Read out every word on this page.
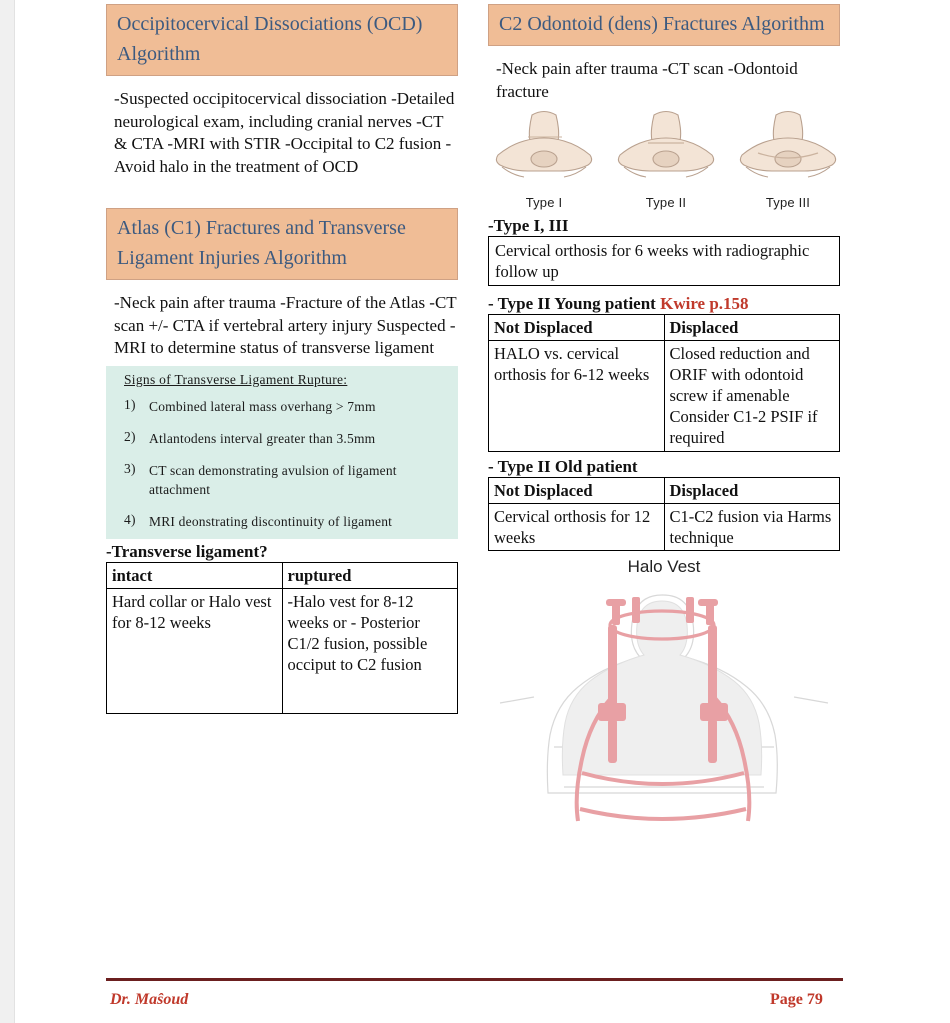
Occipitocervical Dissociations (OCD) Algorithm
-Suspected occipitocervical dissociation -Detailed neurological exam, including cranial nerves -CT & CTA -MRI with STIR -Occipital to C2 fusion -Avoid halo in the treatment of OCD
Atlas (C1) Fractures and Transverse Ligament Injuries Algorithm
-Neck pain after trauma -Fracture of the Atlas -CT scan +/- CTA if vertebral artery injury Suspected -MRI to determine status of transverse ligament
Signs of Transverse Ligament Rupture:
1) Combined lateral mass overhang > 7mm
2) Atlantodens interval greater than 3.5mm
3) CT scan demonstrating avulsion of ligament attachment
4) MRI deonstrating discontinuity of ligament
-Transverse ligament?
intact	ruptured
Hard collar or Halo vest for 8-12 weeks	-Halo vest for 8-12 weeks or - Posterior C1/2 fusion, possible occiput to C2 fusion
C2 Odontoid (dens) Fractures Algorithm
-Neck pain after trauma -CT scan -Odontoid fracture
Type I	Type II	Type III
-Type I, III
Cervical orthosis for 6 weeks with radiographic follow up
- Type II Young patient Kwire p.158
Not Displaced	Displaced
HALO vs. cervical orthosis for 6-12 weeks	Closed reduction and ORIF with odontoid screw if amenable Consider C1-2 PSIF if required
- Type II Old patient
Not Displaced	Displaced
Cervical orthosis for 12 weeks	C1-C2 fusion via Harms technique
Halo Vest
Dr. Maŝoud	Page 79
